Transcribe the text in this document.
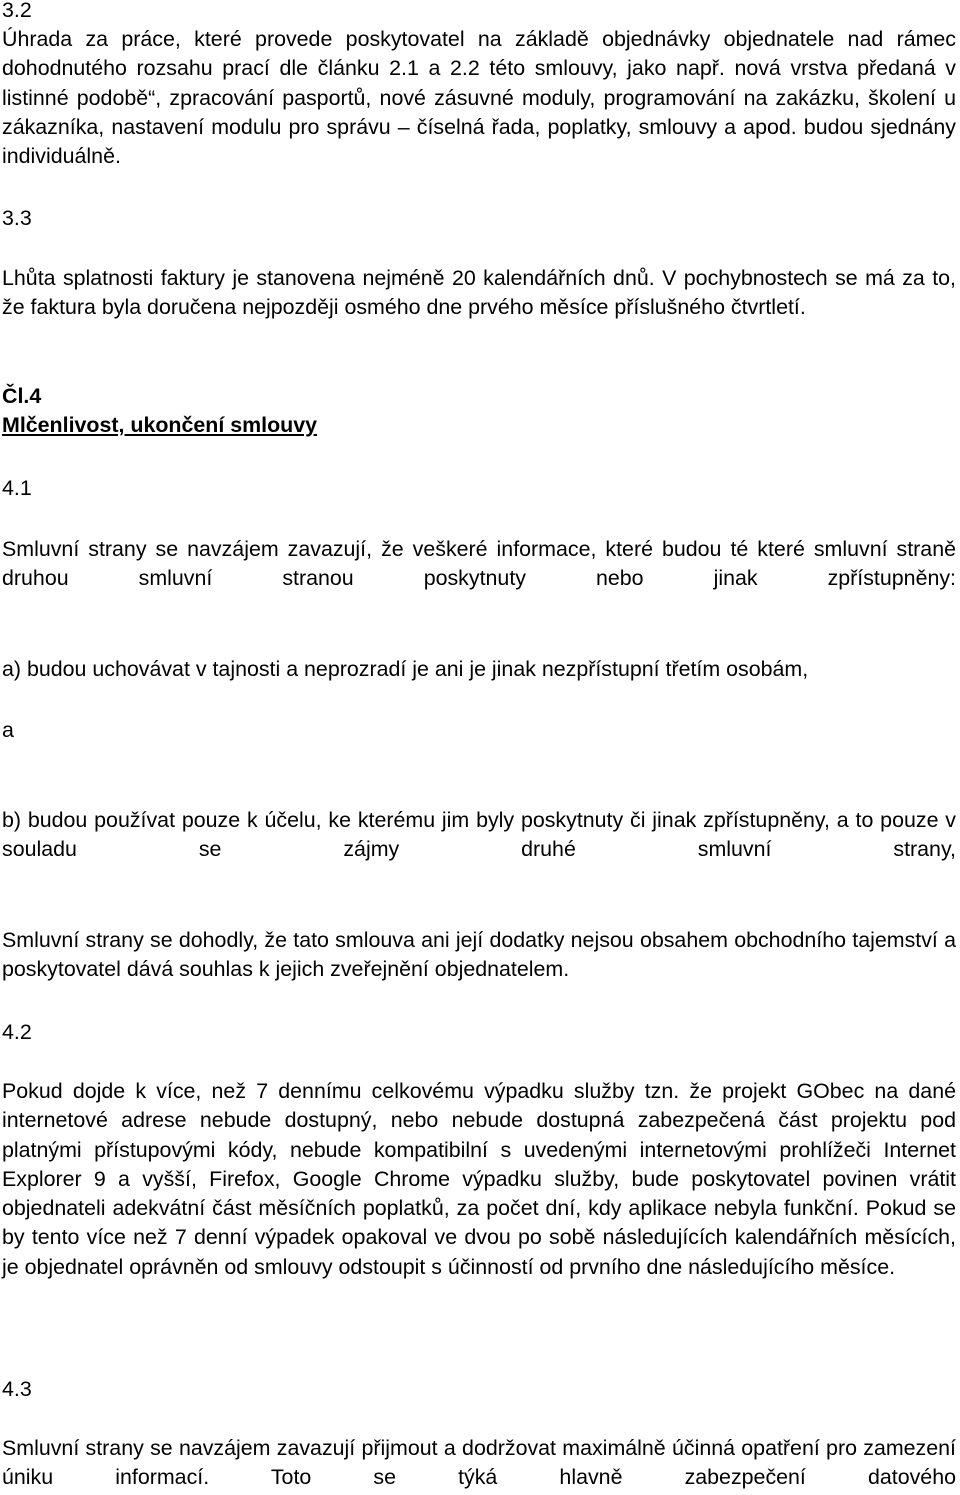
3.2

Úhrada za práce, které provede poskytovatel na základě objednávky objednatele nad rámec dohodnutého rozsahu prací dle článku 2.1 a 2.2 této smlouvy, jako např. nová vrstva předaná v listinné podobě“, zpracování pasportů, nové zásuvné moduly, programování na zakázku, školení u zákazníka, nastavení modulu pro správu – číselná řada, poplatky, smlouvy a apod. budou sjednány individuálně.

3.3

Lhůta splatnosti faktury je stanovena nejméně 20 kalendářních dnů. V pochybnostech se má za to, že faktura byla doručena nejpozději osmého dne prvého měsíce příslušného čtvrtletí.

Čl.4

Mlčenlivost, ukončení smlouvy

4.1

Smluvní strany se navzájem zavazují, že veškeré informace, které budou té které smluvní straně druhou smluvní stranou poskytnuty nebo jinak zpřístupněny:

a) budou uchovávat v tajnosti a neprozradí je ani je jinak nezpřístupní třetím osobám,

a

b) budou používat pouze k účelu, ke kterému jim byly poskytnuty či jinak zpřístupněny, a to pouze v souladu se zájmy druhé smluvní strany,

Smluvní strany se dohodly, že tato smlouva ani její dodatky nejsou obsahem obchodního tajemství a poskytovatel dává souhlas k jejich zveřejnění objednatelem.

4.2

Pokud dojde k více, než 7 dennímu celkovému výpadku služby tzn. že projekt GObec na dané internetové adrese nebude dostupný, nebo nebude dostupná zabezpečená část projektu pod platnými přístupovými kódy, nebude kompatibilní s uvedenými internetovými prohlížeči Internet Explorer 9 a vyšší, Firefox, Google Chrome výpadku služby, bude poskytovatel povinen vrátit objednateli adekvátní část měsíčních poplatků, za počet dní, kdy aplikace nebyla funkční. Pokud se by tento více než 7 denní výpadek opakoval ve dvou po sobě následujících kalendářních měsících, je objednatel oprávněn od smlouvy odstoupit s účinností od prvního dne následujícího měsíce.

4.3

Smluvní strany se navzájem zavazují přijmout a dodržovat maximálně účinná opatření pro zamezení úniku informací. Toto se týká hlavně zabezpečení datového
